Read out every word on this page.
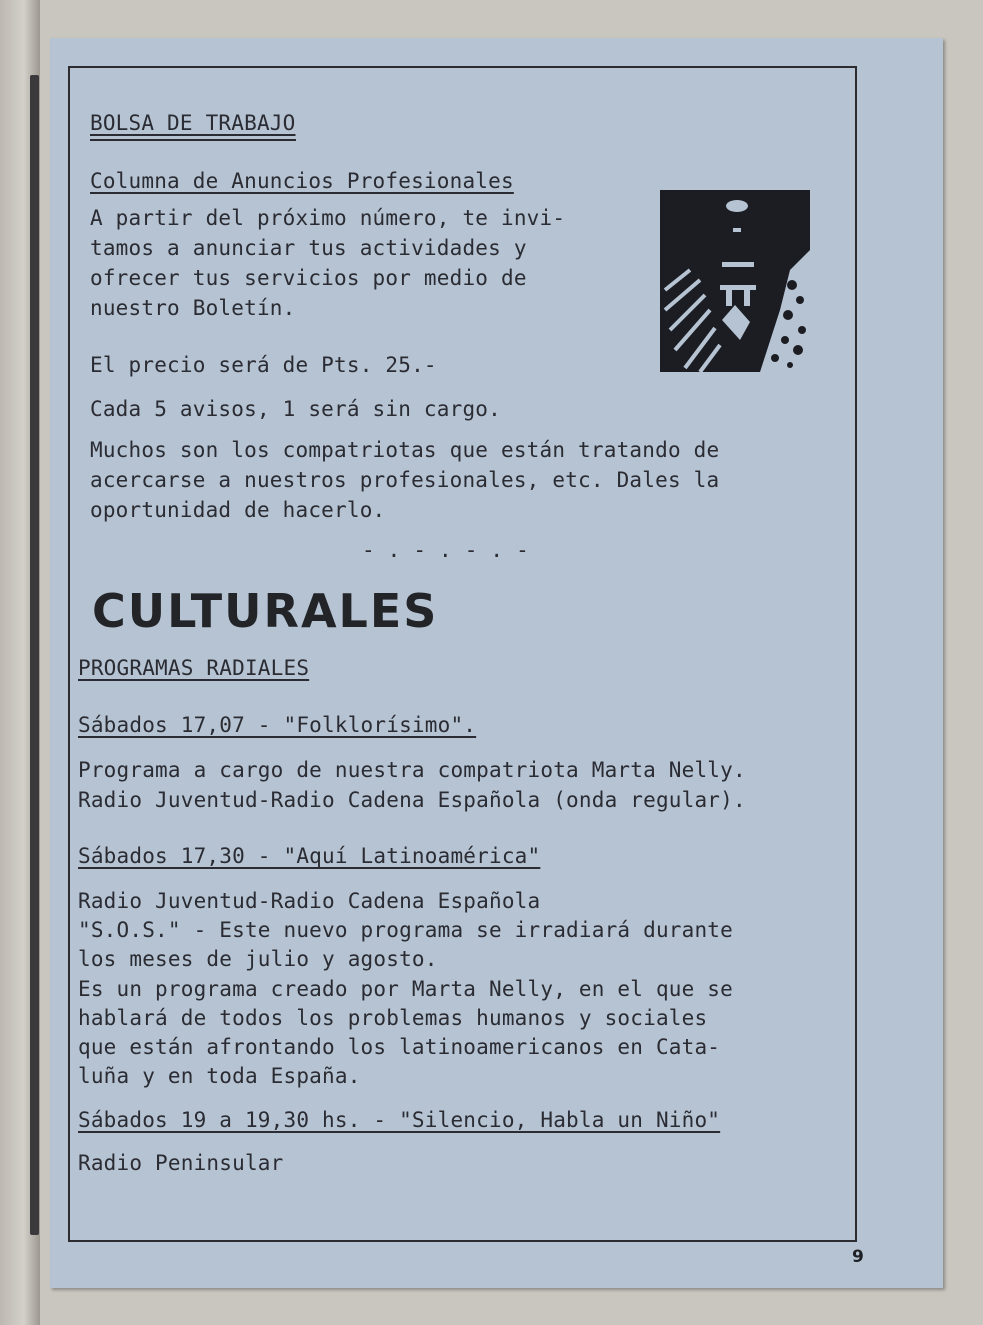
BOLSA DE TRABAJO
Columna de Anuncios Profesionales
A partir del próximo número, te invi-
tamos a anunciar tus actividades y
ofrecer tus servicios por medio de
nuestro Boletín.
El precio será de Pts. 25.-
Cada 5 avisos, 1 será sin cargo.
Muchos son los compatriotas que están tratando de
acercarse a nuestros profesionales, etc. Dales la
oportunidad de hacerlo.
- . - . - . -
CULTURALES
PROGRAMAS RADIALES
Sábados 17,07 - "Folklorísimo".
Programa a cargo de nuestra compatriota Marta Nelly.
Radio Juventud-Radio Cadena Española (onda regular).
Sábados 17,30 - "Aquí Latinoamérica"
Radio Juventud-Radio Cadena Española
"S.O.S." - Este nuevo programa se irradiará durante
los meses de julio y agosto.
Es un programa creado por Marta Nelly, en el que se
hablará de todos los problemas humanos y sociales
que están afrontando los latinoamericanos en Cata-
luña y en toda España.
Sábados 19 a 19,30 hs. - "Silencio, Habla un Niño"
Radio Peninsular
9
